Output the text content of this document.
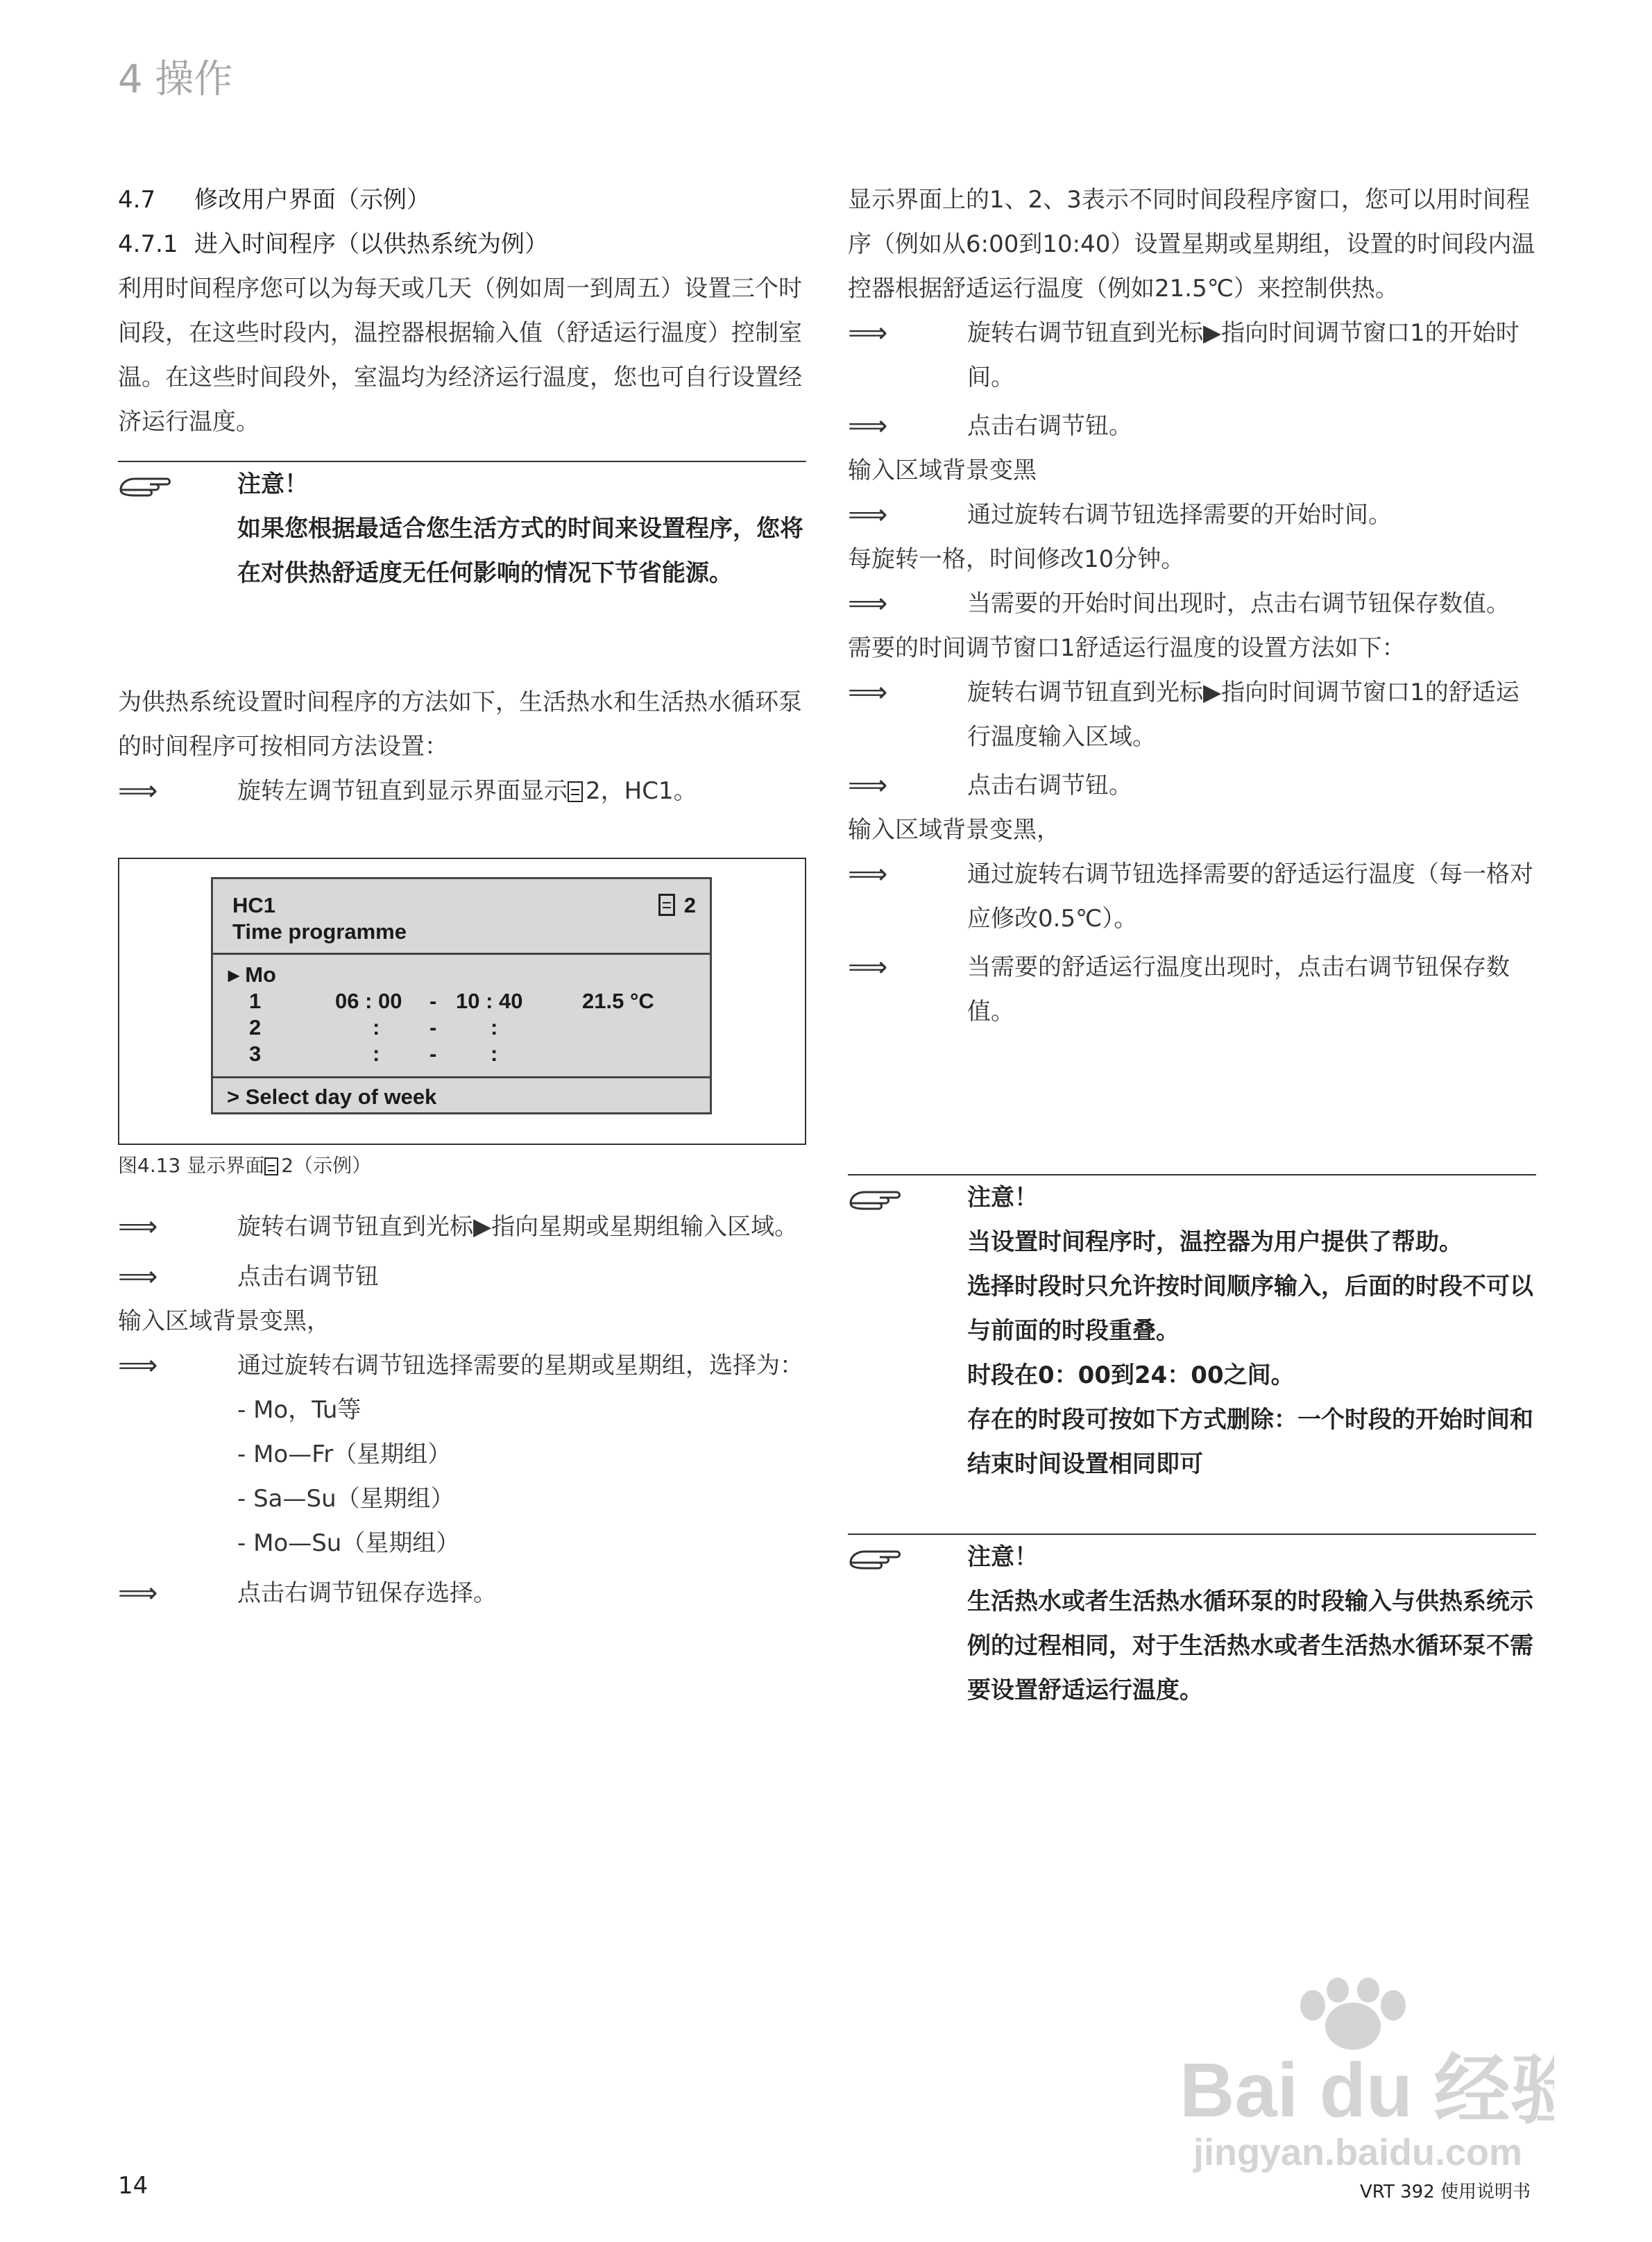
4 操作
4.7 修改用户界面（示例）
4.7.1 进入时间程序（以供热系统为例）
利用时间程序您可以为每天或几天（例如周一到周五）设置三个时间段，在这些时段内，温控器根据输入值（舒适运行温度）控制室温。在这些时间段外，室温均为经济运行温度，您也可自行设置经济运行温度。
注意！
如果您根据最适合您生活方式的时间来设置程序，您将在对供热舒适度无任何影响的情况下节省能源。
为供热系统设置时间程序的方法如下，生活热水和生活热水循环泵的时间程序可按相同方法设置：
⟹	旋转左调节钮直到显示界面显示 2，HC1。
HC1	2
Time programme
▸ Mo
1	06 : 00 - 10 : 40	21.5 °C
2	: -	:
3	: -	:
> Select day of week
图4.13 显示界面 2（示例）
⟹	旋转右调节钮直到光标▶指向星期或星期组输入区域。
⟹	点击右调节钮
输入区域背景变黑，
⟹	通过旋转右调节钮选择需要的星期或星期组，选择为：
- Mo，Tu等
- Mo—Fr（星期组）
- Sa—Su（星期组）
- Mo—Su（星期组）
⟹	点击右调节钮保存选择。
显示界面上的1、2、3表示不同时间段程序窗口，您可以用时间程序（例如从6:00到10:40）设置星期或星期组，设置的时间段内温控器根据舒适运行温度（例如21.5℃）来控制供热。
⟹	旋转右调节钮直到光标▶指向时间调节窗口1的开始时间。
⟹	点击右调节钮。
输入区域背景变黑
⟹	通过旋转右调节钮选择需要的开始时间。
每旋转一格，时间修改10分钟。
⟹	当需要的开始时间出现时，点击右调节钮保存数值。
需要的时间调节窗口1舒适运行温度的设置方法如下：
⟹	旋转右调节钮直到光标▶指向时间调节窗口1的舒适运行温度输入区域。
⟹	点击右调节钮。
输入区域背景变黑，
⟹	通过旋转右调节钮选择需要的舒适运行温度（每一格对应修改0.5℃）。
⟹	当需要的舒适运行温度出现时，点击右调节钮保存数值。
注意！
当设置时间程序时，温控器为用户提供了帮助。
选择时段时只允许按时间顺序输入，后面的时段不可以与前面的时段重叠。
时段在0：00到24：00之间。
存在的时段可按如下方式删除：一个时段的开始时间和结束时间设置相同即可
注意！
生活热水或者生活热水循环泵的时段输入与供热系统示例的过程相同，对于生活热水或者生活热水循环泵不需要设置舒适运行温度。
Bai du 经验
jingyan.baidu.com
14	VRT 392 使用说明书
